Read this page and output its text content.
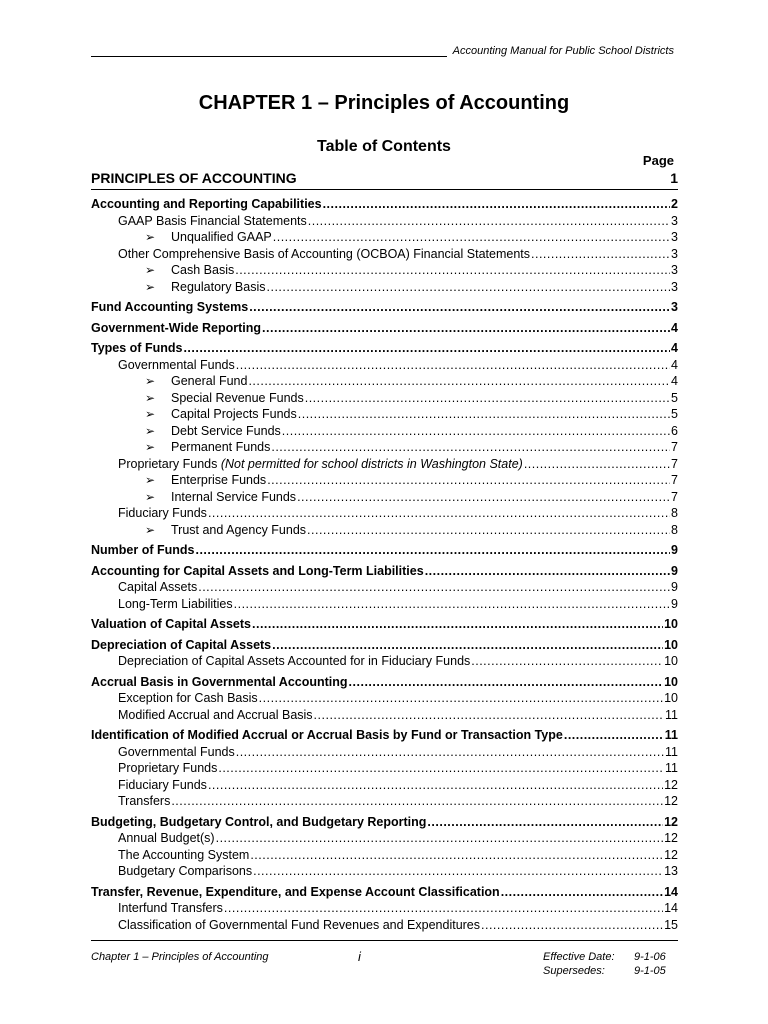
Accounting Manual for Public School Districts
CHAPTER 1 – Principles of Accounting
Table of Contents
Page
PRINCIPLES OF ACCOUNTING	1
Accounting and Reporting Capabilities .....	2
GAAP Basis Financial Statements .....	3
➢	Unqualified GAAP .....	3
Other Comprehensive Basis of Accounting (OCBOA) Financial Statements .....	3
➢	Cash Basis .....	3
➢	Regulatory Basis .....	3
Fund Accounting Systems .....	3
Government-Wide Reporting .....	4
Types of Funds .....	4
Governmental Funds .....	4
➢	General Fund .....	4
➢	Special Revenue Funds .....	5
➢	Capital Projects Funds .....	5
➢	Debt Service Funds .....	6
➢	Permanent Funds .....	7
Proprietary Funds (Not permitted for school districts in Washington State) .....	7
➢	Enterprise Funds .....	7
➢	Internal Service Funds .....	7
Fiduciary Funds .....	8
➢	Trust and Agency Funds .....	8
Number of Funds .....	9
Accounting for Capital Assets and Long-Term Liabilities .....	9
Capital Assets .....	9
Long-Term Liabilities .....	9
Valuation of Capital Assets .....	10
Depreciation of Capital Assets .....	10
Depreciation of Capital Assets Accounted for in Fiduciary Funds .....	10
Accrual Basis in Governmental Accounting .....	10
Exception for Cash Basis .....	10
Modified Accrual and Accrual Basis .....	11
Identification of Modified Accrual or Accrual Basis by Fund or Transaction Type .....	11
Governmental Funds .....	11
Proprietary Funds .....	11
Fiduciary Funds .....	12
Transfers .....	12
Budgeting, Budgetary Control, and Budgetary Reporting .....	12
Annual Budget(s) .....	12
The Accounting System .....	12
Budgetary Comparisons .....	13
Transfer, Revenue, Expenditure, and Expense Account Classification .....	14
Interfund Transfers .....	14
Classification of Governmental Fund Revenues and Expenditures .....	15
Chapter 1 – Principles of Accounting	i	Effective Date: 9-1-06
Supersedes:	9-1-05
